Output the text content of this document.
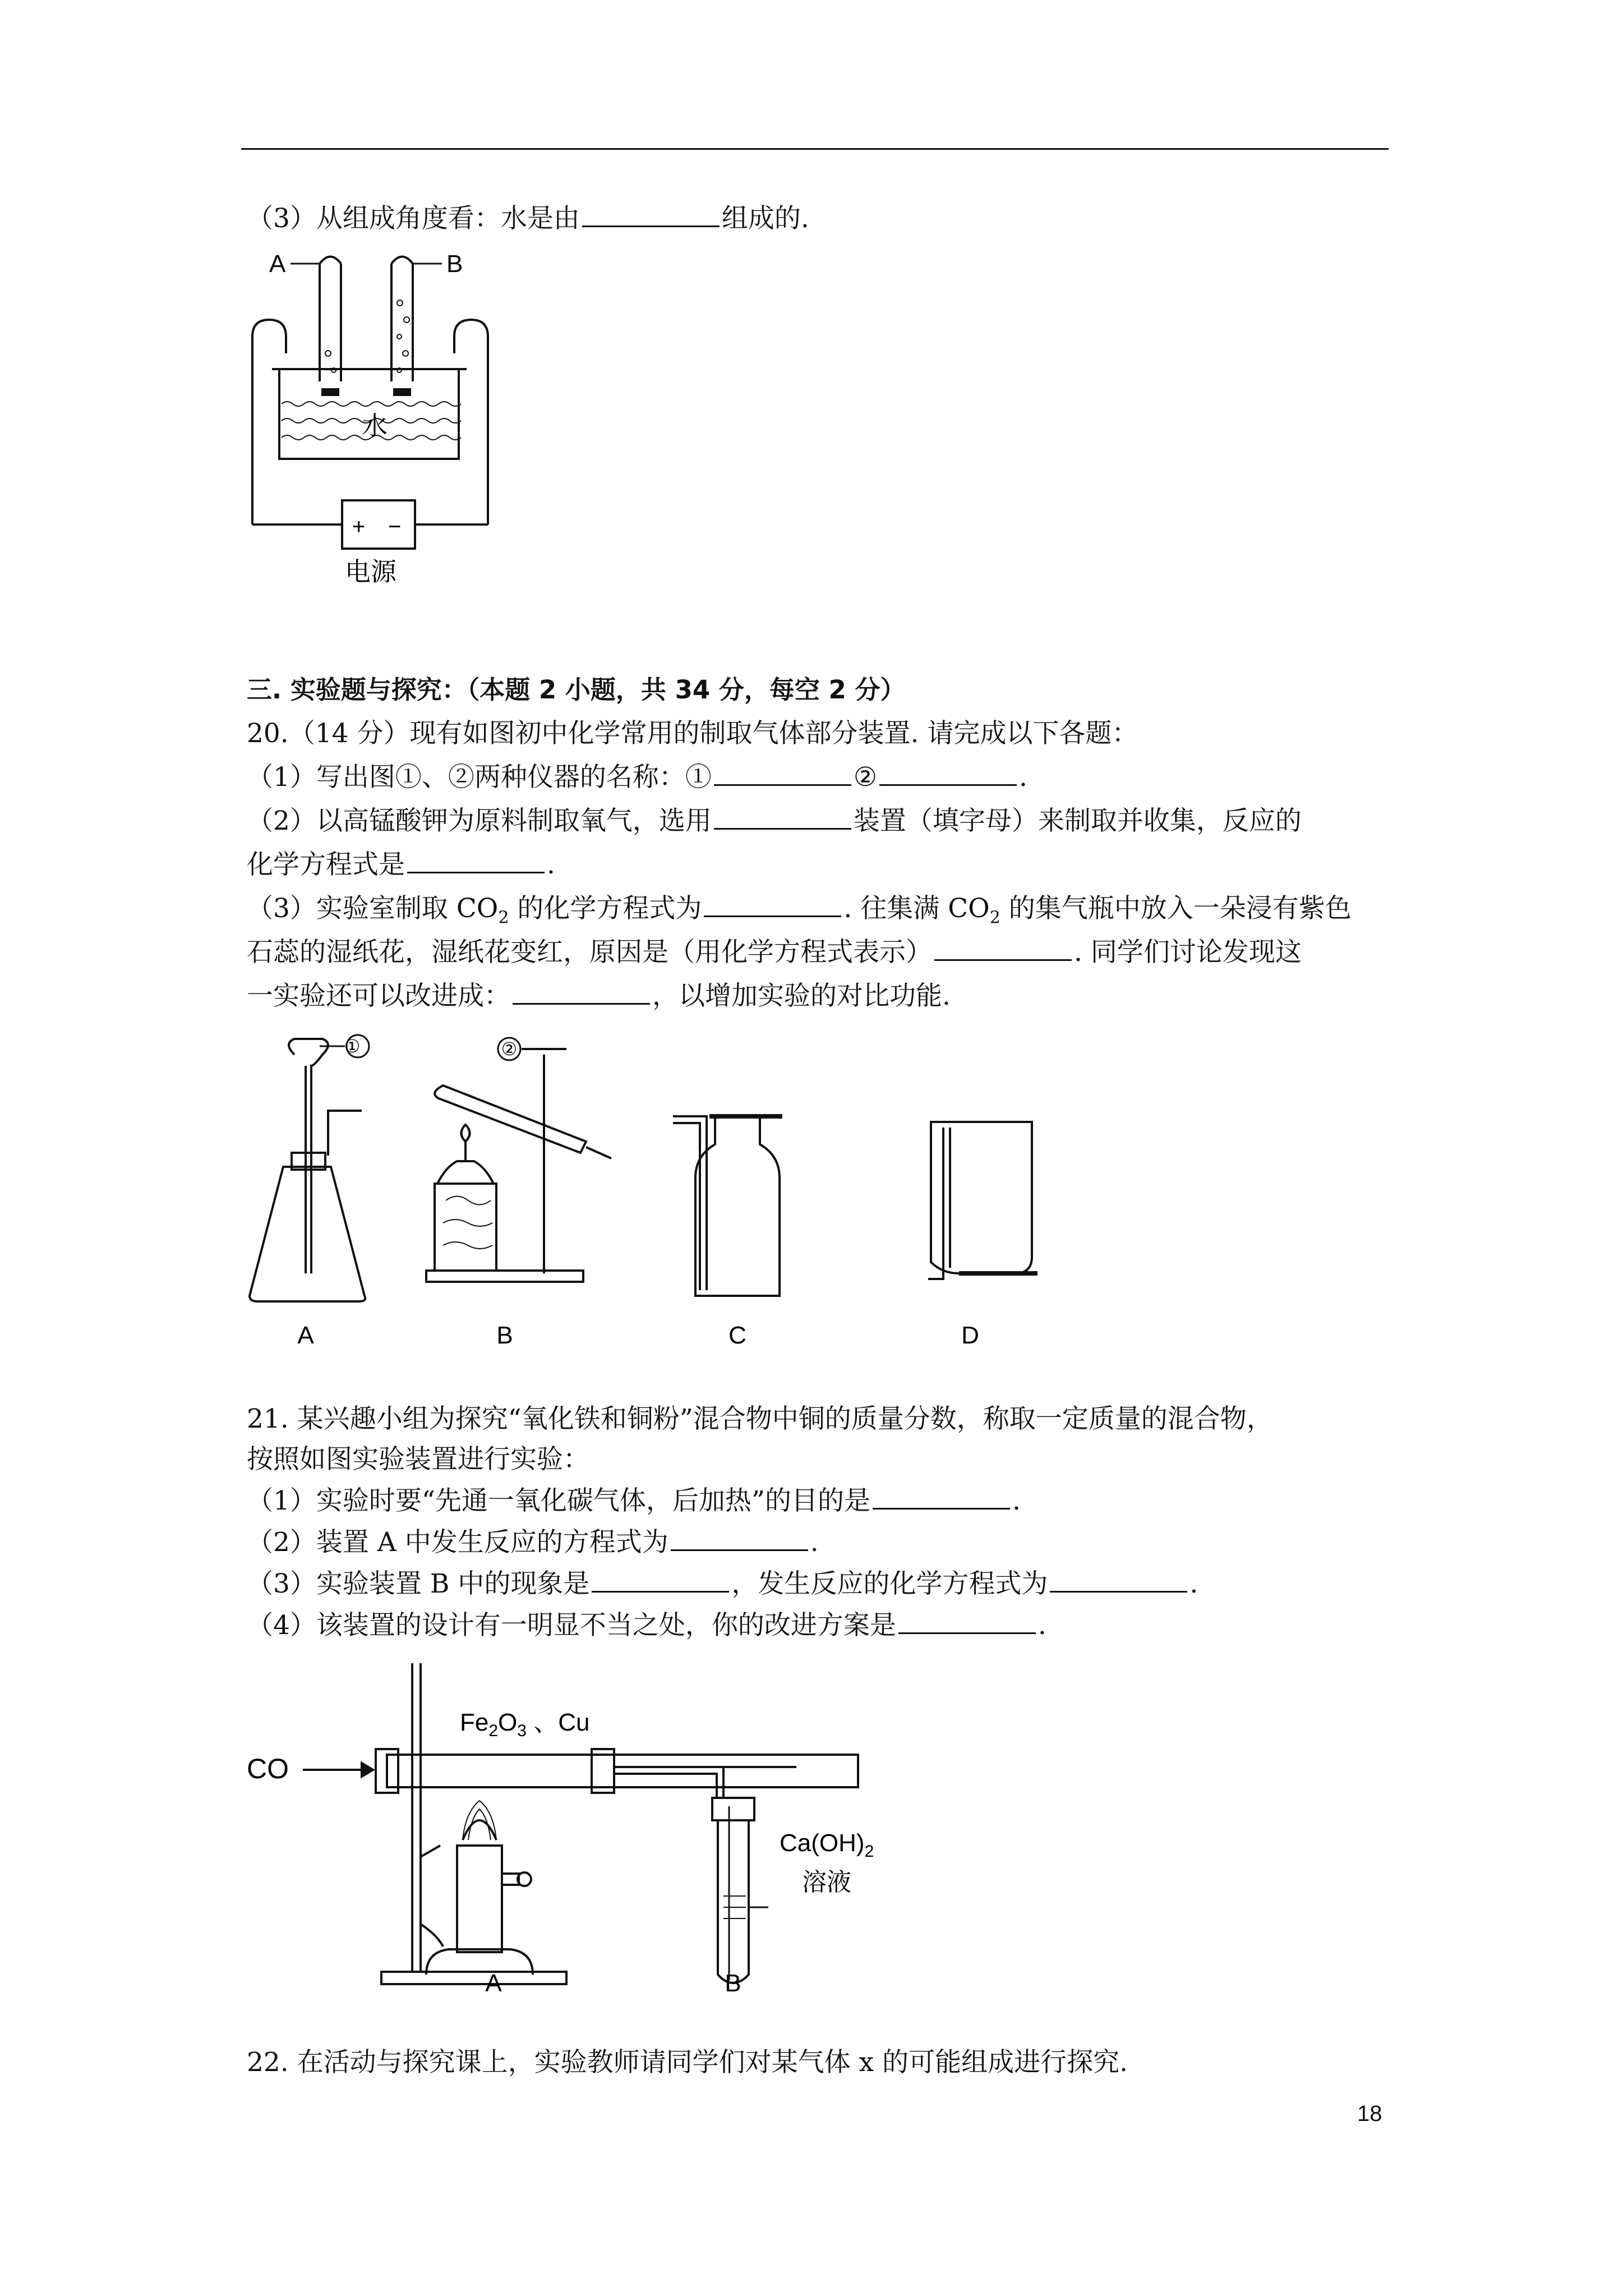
（3）从组成角度看：水是由	组成的.
A	B
水
+ −
电源
三. 实验题与探究：（本题 2 小题，共 34 分，每空 2 分）
20.（14 分）现有如图初中化学常用的制取气体部分装置. 请完成以下各题：
（1）写出图①、②两种仪器的名称：①	②	.
（2）以高锰酸钾为原料制取氧气，选用	装置（填字母）来制取并收集，反应的
化学方程式是	.
（3）实验室制取 $CO_2$ 的化学方程式为	. 往集满 $CO_2$ 的集气瓶中放入一朵浸有紫色
石蕊的湿纸花，湿纸花变红，原因是（用化学方程式表示）	. 同学们讨论发现这
一实验还可以改进成：	，以增加实验的对比功能.
①	②
A	B	C	D
21. 某兴趣小组为探究“氧化铁和铜粉”混合物中铜的质量分数，称取一定质量的混合物，
按照如图实验装置进行实验：
（1）实验时要“先通一氧化碳气体，后加热”的目的是	.
（2）装置 A 中发生反应的方程式为	.
（3）实验装置 B 中的现象是	，发生反应的化学方程式为	.
（4）该装置的设计有一明显不当之处，你的改进方案是	.
CO
$Fe_2O_3$ 、Cu
$Ca(OH)_2$
溶液
A	B
22. 在活动与探究课上，实验教师请同学们对某气体 x 的可能组成进行探究.
18
